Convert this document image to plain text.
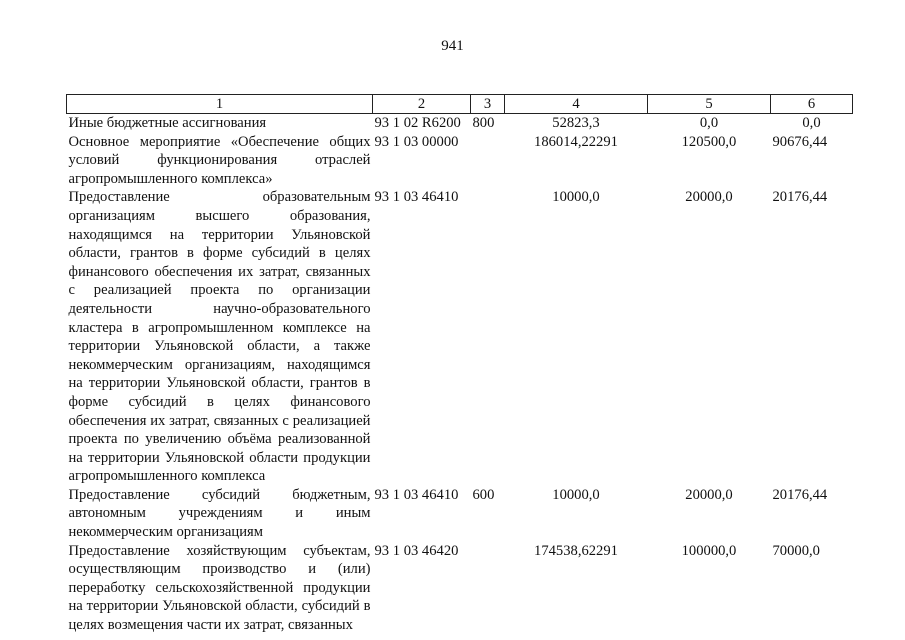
941
1	2	3	4	5	6
Иные бюджетные ассигнования	93 1 02 R6200	800	52823,3	0,0	0,0
Основное мероприятие «Обеспечение общих условий функционирования отраслей агропромышленного комплекса»	93 1 03 00000		186014,22291	120500,0	90676,44
Предоставление образовательным организациям высшего образования, находящимся на территории Ульяновской области, грантов в форме субсидий в целях финансового обеспечения их затрат, связанных с реализацией проекта по организации деятельности научно-образовательного кластера в агропромышленном комплексе на территории Ульяновской области, а также некоммерческим организациям, находящимся на территории Ульяновской области, грантов в форме субсидий в целях финансового обеспечения их затрат, связанных с реализацией проекта по увеличению объёма реализованной на территории Ульяновской области продукции агропромышленного комплекса	93 1 03 46410		10000,0	20000,0	20176,44
Предоставление субсидий бюджетным, автономным учреждениям и иным некоммерческим организациям	93 1 03 46410	600	10000,0	20000,0	20176,44
Предоставление хозяйствующим субъектам, осуществляющим производство и (или) переработку сельскохозяйственной продукции на территории Ульяновской области, субсидий в целях возмещения части их затрат, связанных	93 1 03 46420		174538,62291	100000,0	70000,0
